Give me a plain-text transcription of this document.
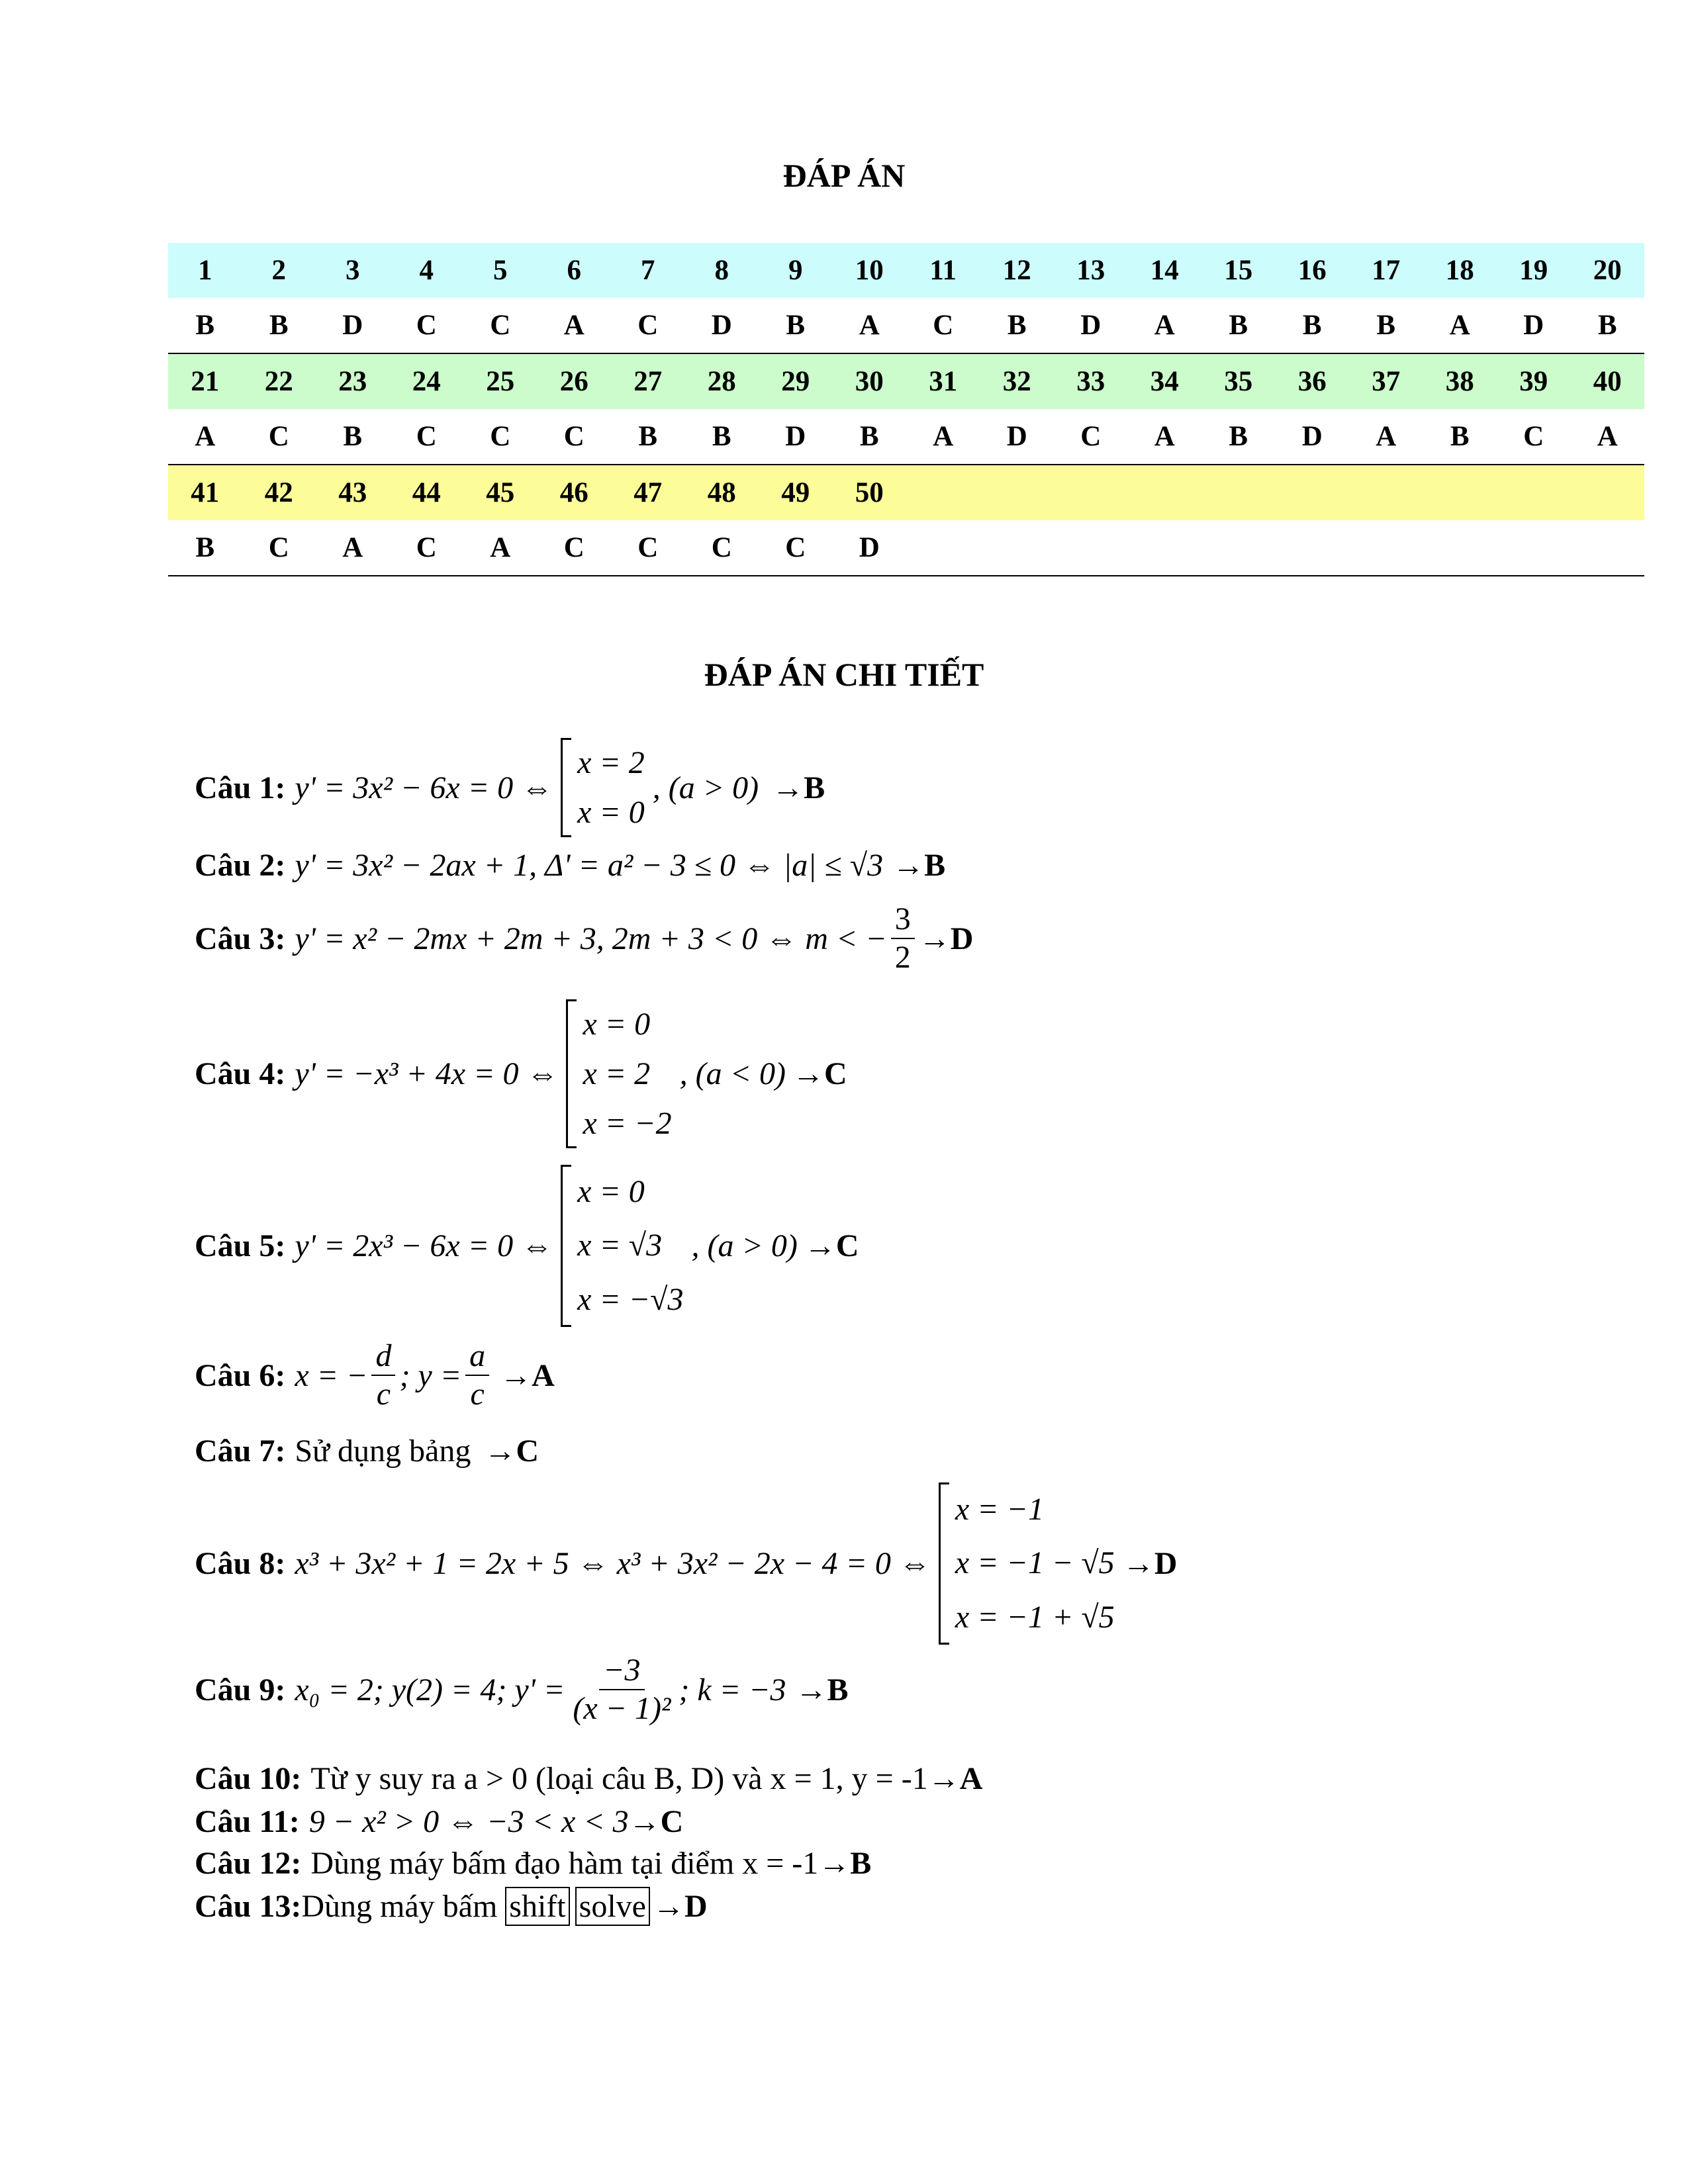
ĐÁP ÁN
1	2	3	4	5	6	7	8	9	10	11	12	13	14	15	16	17	18	19	20
B	B	D	C	C	A	C	D	B	A	C	B	D	A	B	B	B	A	D	B
21	22	23	24	25	26	27	28	29	30	31	32	33	34	35	36	37	38	39	40
A	C	B	C	C	C	B	B	D	B	A	D	C	A	B	D	A	B	C	A
41	42	43	44	45	46	47	48	49	50
B	C	A	C	A	C	C	C	C	D
ĐÁP ÁN CHI TIẾT
Câu 1: y' = 3x² − 6x = 0 ⇔
x = 2
x = 0
, (a > 0) → B
Câu 2: y' = 3x² − 2ax + 1, Δ' = a² − 3 ≤ 0 ⇔ |a| ≤ √3 → B
Câu 3: y' = x² − 2mx + 2m + 3, 2m + 3 < 0 ⇔ m < − $\frac{3}{2} \to D$
Câu 4: y' = −x³ + 4x = 0 ⇔
x = 0
x = 2
x = −2
, (a < 0) → C
Câu 5: y' = 2x³ − 6x = 0 ⇔
x = 0
x = √3
x = −√3
, (a > 0) → C
Câu 6: x = − $\frac{d}{c}$ ; $y = \frac{a}{c} \to A$
Câu 7: Sử dụng bảng → C
Câu 8: x³ + 3x² + 1 = 2x + 5 ⇔ x³ + 3x² − 2x − 4 = 0 ⇔
x = −1
x = −1 − √5
x = −1 + √5
→ D
Câu 9: x₀ = 2; y(2) = 4; $y' = \frac{-3}{\text{(x − 1)²}}$ ; k = −3 → B
Câu 10: Từ y suy ra a > 0 (loại câu B, D) và x = 1, y = -1 → A
Câu 11: 9 − x² > 0 ⇔ −3 < x < 3 → C
Câu 12: Dùng máy bấm đạo hàm tại điểm x = -1 → B
Câu 13: Dùng máy bấm shift solve → D
